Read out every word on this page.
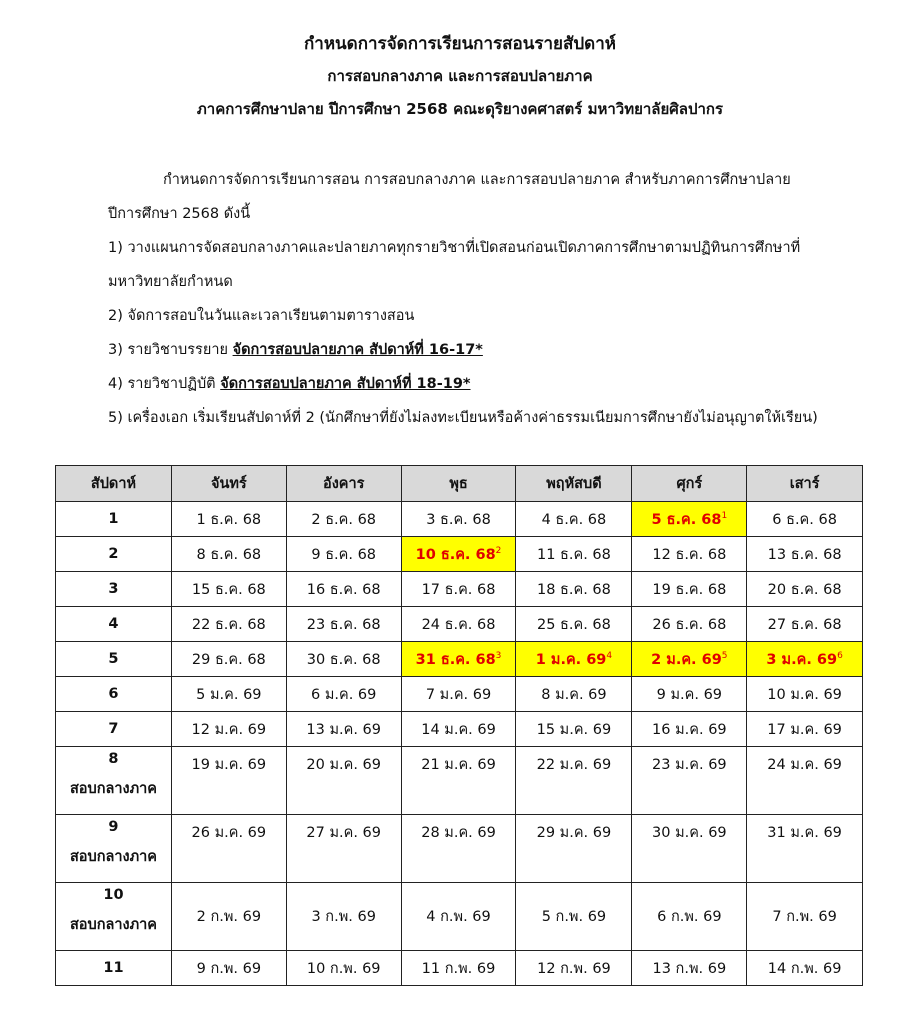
กำหนดการจัดการเรียนการสอนรายสัปดาห์
การสอบกลางภาค และการสอบปลายภาค
ภาคการศึกษาปลาย ปีการศึกษา 2568 คณะดุริยางคศาสตร์ มหาวิทยาลัยศิลปากร
กำหนดการจัดการเรียนการสอน การสอบกลางภาค และการสอบปลายภาค สำหรับภาคการศึกษาปลาย
ปีการศึกษา 2568 ดังนี้
1) วางแผนการจัดสอบกลางภาคและปลายภาคทุกรายวิชาที่เปิดสอนก่อนเปิดภาคการศึกษาตามปฏิทินการศึกษาที่
มหาวิทยาลัยกำหนด
2) จัดการสอบในวันและเวลาเรียนตามตารางสอน
3) รายวิชาบรรยาย จัดการสอบปลายภาค สัปดาห์ที่ 16-17*
4) รายวิชาปฏิบัติ จัดการสอบปลายภาค สัปดาห์ที่ 18-19*
5) เครื่องเอก เริ่มเรียนสัปดาห์ที่ 2 (นักศึกษาที่ยังไม่ลงทะเบียนหรือค้างค่าธรรมเนียมการศึกษายังไม่อนุญาตให้เรียน)
สัปดาห์	จันทร์	อังคาร	พุธ	พฤหัสบดี	ศุกร์	เสาร์
1	1 ธ.ค. 68	2 ธ.ค. 68	3 ธ.ค. 68	4 ธ.ค. 68	5 ธ.ค. $68^1$	6 ธ.ค. 68
2	8 ธ.ค. 68	9 ธ.ค. 68	10 ธ.ค. $68^2$	11 ธ.ค. 68	12 ธ.ค. 68	13 ธ.ค. 68
3	15 ธ.ค. 68	16 ธ.ค. 68	17 ธ.ค. 68	18 ธ.ค. 68	19 ธ.ค. 68	20 ธ.ค. 68
4	22 ธ.ค. 68	23 ธ.ค. 68	24 ธ.ค. 68	25 ธ.ค. 68	26 ธ.ค. 68	27 ธ.ค. 68
5	29 ธ.ค. 68	30 ธ.ค. 68	31 ธ.ค. $68^3$	1 ม.ค. $69^4$	2 ม.ค. $69^5$	3 ม.ค. $69^6$
6	5 ม.ค. 69	6 ม.ค. 69	7 ม.ค. 69	8 ม.ค. 69	9 ม.ค. 69	10 ม.ค. 69
7	12 ม.ค. 69	13 ม.ค. 69	14 ม.ค. 69	15 ม.ค. 69	16 ม.ค. 69	17 ม.ค. 69
8
สอบกลางภาค	19 ม.ค. 69	20 ม.ค. 69	21 ม.ค. 69	22 ม.ค. 69	23 ม.ค. 69	24 ม.ค. 69
9
สอบกลางภาค	26 ม.ค. 69	27 ม.ค. 69	28 ม.ค. 69	29 ม.ค. 69	30 ม.ค. 69	31 ม.ค. 69
10
สอบกลางภาค	2 ก.พ. 69	3 ก.พ. 69	4 ก.พ. 69	5 ก.พ. 69	6 ก.พ. 69	7 ก.พ. 69
11	9 ก.พ. 69	10 ก.พ. 69	11 ก.พ. 69	12 ก.พ. 69	13 ก.พ. 69	14 ก.พ. 69
